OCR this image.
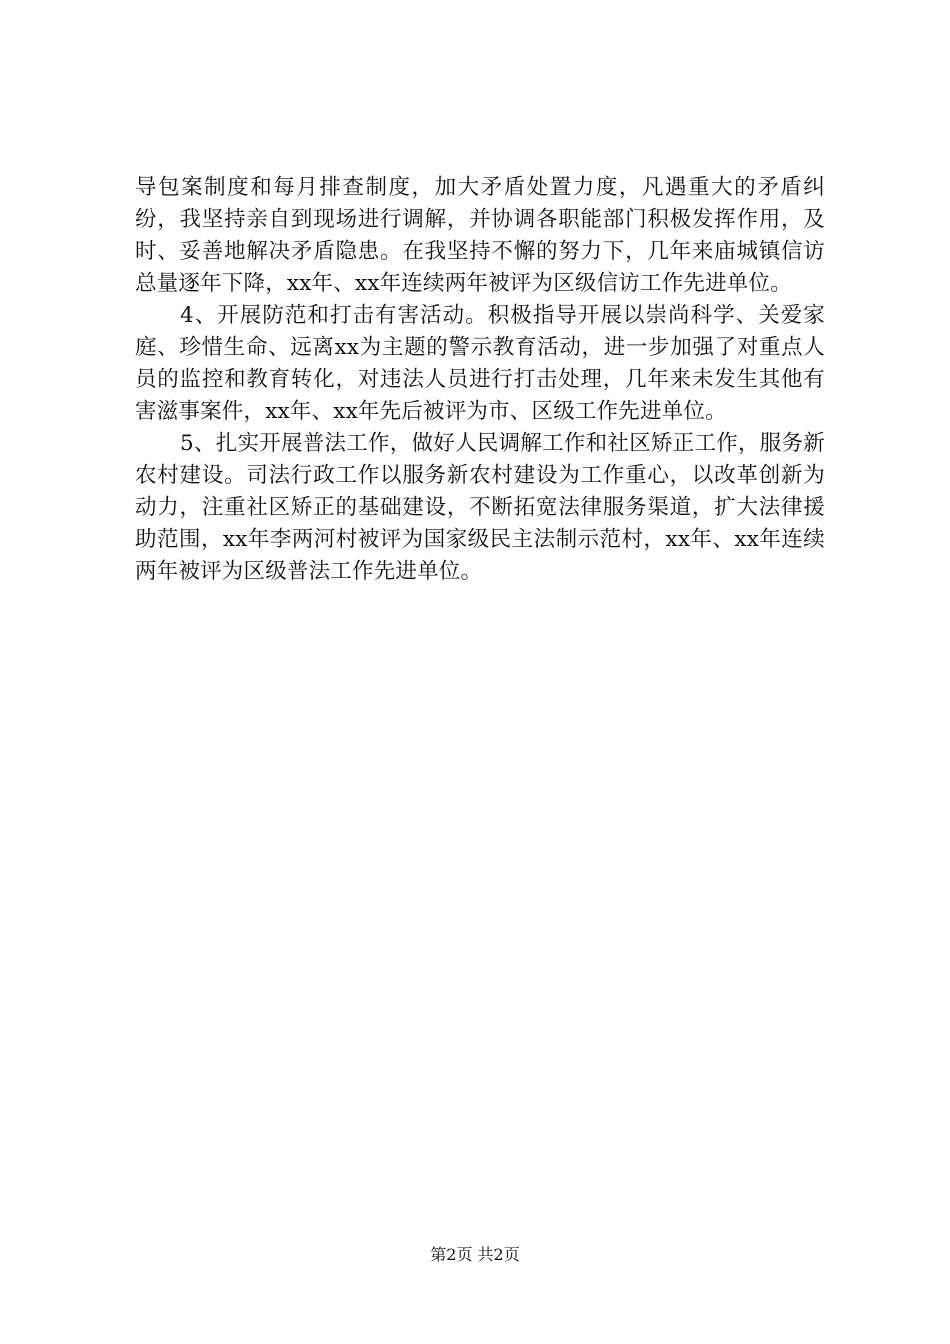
导包案制度和每月排查制度，加大矛盾处置力度，凡遇重大的矛盾纠纷，我坚持亲自到现场进行调解，并协调各职能部门积极发挥作用，及时、妥善地解决矛盾隐患。在我坚持不懈的努力下，几年来庙城镇信访总量逐年下降，xx年、xx年连续两年被评为区级信访工作先进单位。

4、开展防范和打击有害活动。积极指导开展以崇尚科学、关爱家庭、珍惜生命、远离xx为主题的警示教育活动，进一步加强了对重点人员的监控和教育转化，对违法人员进行打击处理，几年来未发生其他有害滋事案件，xx年、xx年先后被评为市、区级工作先进单位。

5、扎实开展普法工作，做好人民调解工作和社区矫正工作，服务新农村建设。司法行政工作以服务新农村建设为工作重心，以改革创新为动力，注重社区矫正的基础建设，不断拓宽法律服务渠道，扩大法律援助范围，xx年李两河村被评为国家级民主法制示范村，xx年、xx年连续两年被评为区级普法工作先进单位。

第2页 共2页
